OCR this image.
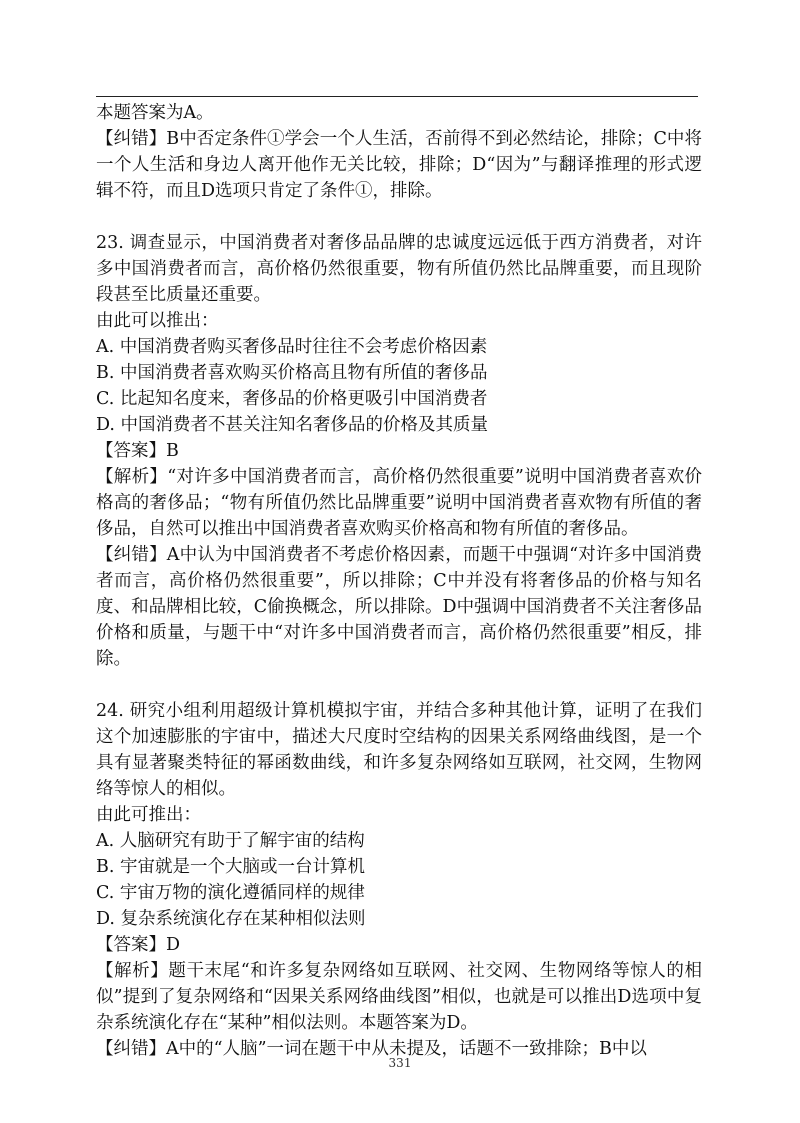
本题答案为A。

【纠错】B中否定条件①学会一个人生活，否前得不到必然结论，排除；C中将一个人生活和身边人离开他作无关比较，排除；D“因为”与翻译推理的形式逻辑不符，而且D选项只肯定了条件①，排除。

23. 调查显示，中国消费者对奢侈品品牌的忠诚度远远低于西方消费者，对许多中国消费者而言，高价格仍然很重要，物有所值仍然比品牌重要，而且现阶段甚至比质量还重要。

由此可以推出：

A. 中国消费者购买奢侈品时往往不会考虑价格因素

B. 中国消费者喜欢购买价格高且物有所值的奢侈品

C. 比起知名度来，奢侈品的价格更吸引中国消费者

D. 中国消费者不甚关注知名奢侈品的价格及其质量

【答案】B

【解析】“对许多中国消费者而言，高价格仍然很重要”说明中国消费者喜欢价格高的奢侈品；“物有所值仍然比品牌重要”说明中国消费者喜欢物有所值的奢侈品，自然可以推出中国消费者喜欢购买价格高和物有所值的奢侈品。

【纠错】A中认为中国消费者不考虑价格因素，而题干中强调“对许多中国消费者而言，高价格仍然很重要”，所以排除；C中并没有将奢侈品的价格与知名度、和品牌相比较，C偷换概念，所以排除。D中强调中国消费者不关注奢侈品价格和质量，与题干中“对许多中国消费者而言，高价格仍然很重要”相反，排除。

24. 研究小组利用超级计算机模拟宇宙，并结合多种其他计算，证明了在我们这个加速膨胀的宇宙中，描述大尺度时空结构的因果关系网络曲线图，是一个具有显著聚类特征的幂函数曲线，和许多复杂网络如互联网，社交网，生物网络等惊人的相似。

由此可推出：

A. 人脑研究有助于了解宇宙的结构

B. 宇宙就是一个大脑或一台计算机

C. 宇宙万物的演化遵循同样的规律

D. 复杂系统演化存在某种相似法则

【答案】D

【解析】题干末尾“和许多复杂网络如互联网、社交网、生物网络等惊人的相似”提到了复杂网络和“因果关系网络曲线图”相似，也就是可以推出D选项中复杂系统演化存在“某种”相似法则。本题答案为D。

【纠错】A中的“人脑”一词在题干中从未提及，话题不一致排除；B中以

331
